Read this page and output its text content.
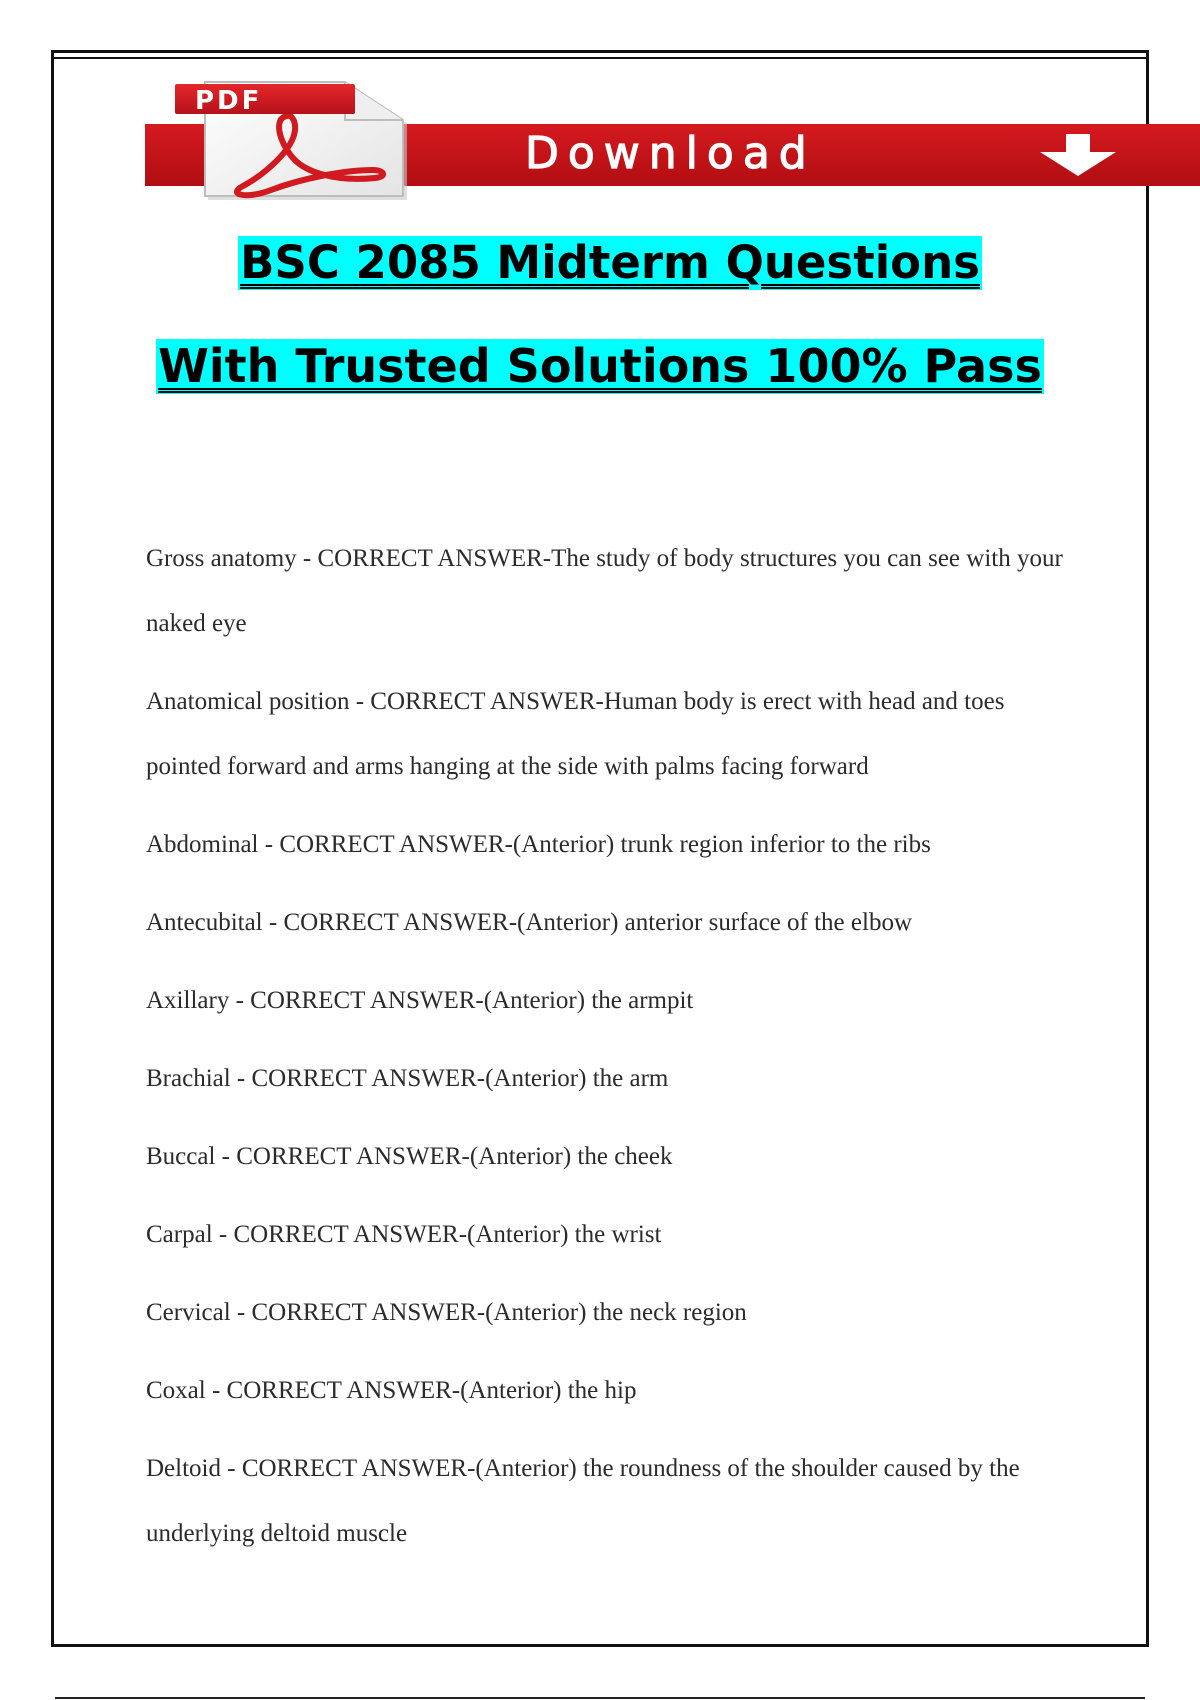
PDF
Download
BSC 2085 Midterm Questions
With Trusted Solutions 100% Pass
Gross anatomy - CORRECT ANSWER-The study of body structures you can see with your naked eye
Anatomical position - CORRECT ANSWER-Human body is erect with head and toes pointed forward and arms hanging at the side with palms facing forward
Abdominal - CORRECT ANSWER-(Anterior) trunk region inferior to the ribs
Antecubital - CORRECT ANSWER-(Anterior) anterior surface of the elbow
Axillary - CORRECT ANSWER-(Anterior) the armpit
Brachial - CORRECT ANSWER-(Anterior) the arm
Buccal - CORRECT ANSWER-(Anterior) the cheek
Carpal - CORRECT ANSWER-(Anterior) the wrist
Cervical - CORRECT ANSWER-(Anterior) the neck region
Coxal - CORRECT ANSWER-(Anterior) the hip
Deltoid - CORRECT ANSWER-(Anterior) the roundness of the shoulder caused by the underlying deltoid muscle
